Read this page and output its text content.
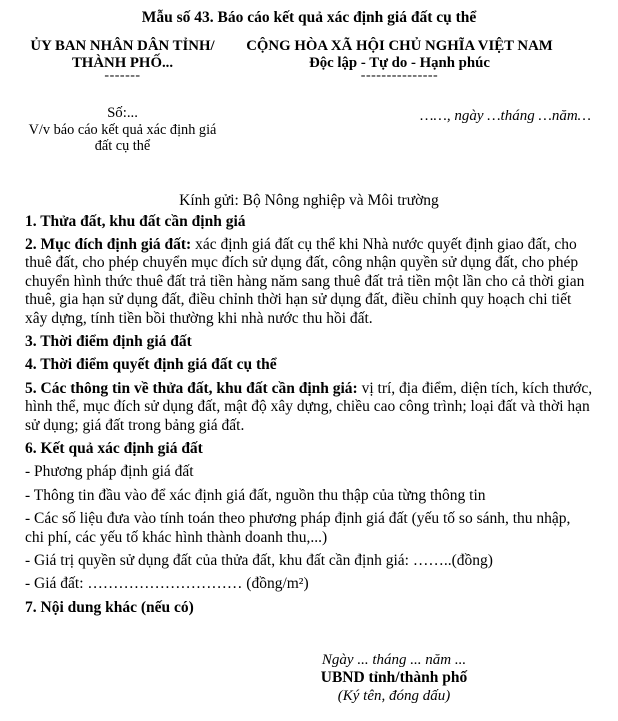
Mẫu số 43. Báo cáo kết quả xác định giá đất cụ thể
ỦY BAN NHÂN DÂN TỈNH/
THÀNH PHỐ...
-------
Số:...
V/v báo cáo kết quả xác định giá đất cụ thể
CỘNG HÒA XÃ HỘI CHỦ NGHĨA VIỆT NAM
Độc lập - Tự do - Hạnh phúc
---------------
……, ngày …tháng …năm…
Kính gửi: Bộ Nông nghiệp và Môi trường

1. Thửa đất, khu đất cần định giá

2. Mục đích định giá đất: xác định giá đất cụ thể khi Nhà nước quyết định giao đất, cho thuê đất, cho phép chuyển mục đích sử dụng đất, công nhận quyền sử dụng đất, cho phép chuyển hình thức thuê đất trả tiền hàng năm sang thuê đất trả tiền một lần cho cả thời gian thuê, gia hạn sử dụng đất, điều chỉnh thời hạn sử dụng đất, điều chỉnh quy hoạch chi tiết xây dựng, tính tiền bồi thường khi nhà nước thu hồi đất.

3. Thời điểm định giá đất

4. Thời điểm quyết định giá đất cụ thể

5. Các thông tin về thửa đất, khu đất cần định giá: vị trí, địa điểm, diện tích, kích thước, hình thể, mục đích sử dụng đất, mật độ xây dựng, chiều cao công trình; loại đất và thời hạn sử dụng; giá đất trong bảng giá đất.

6. Kết quả xác định giá đất

- Phương pháp định giá đất

- Thông tin đầu vào để xác định giá đất, nguồn thu thập của từng thông tin

- Các số liệu đưa vào tính toán theo phương pháp định giá đất (yếu tố so sánh, thu nhập, chi phí, các yếu tố khác hình thành doanh thu,...)

- Giá trị quyền sử dụng đất của thửa đất, khu đất cần định giá: ……..(đồng)

- Giá đất: ………………………… (đồng/m²)

7. Nội dung khác (nếu có)

Ngày ... tháng ... năm ...
UBND tỉnh/thành phố
(Ký tên, đóng dấu)
